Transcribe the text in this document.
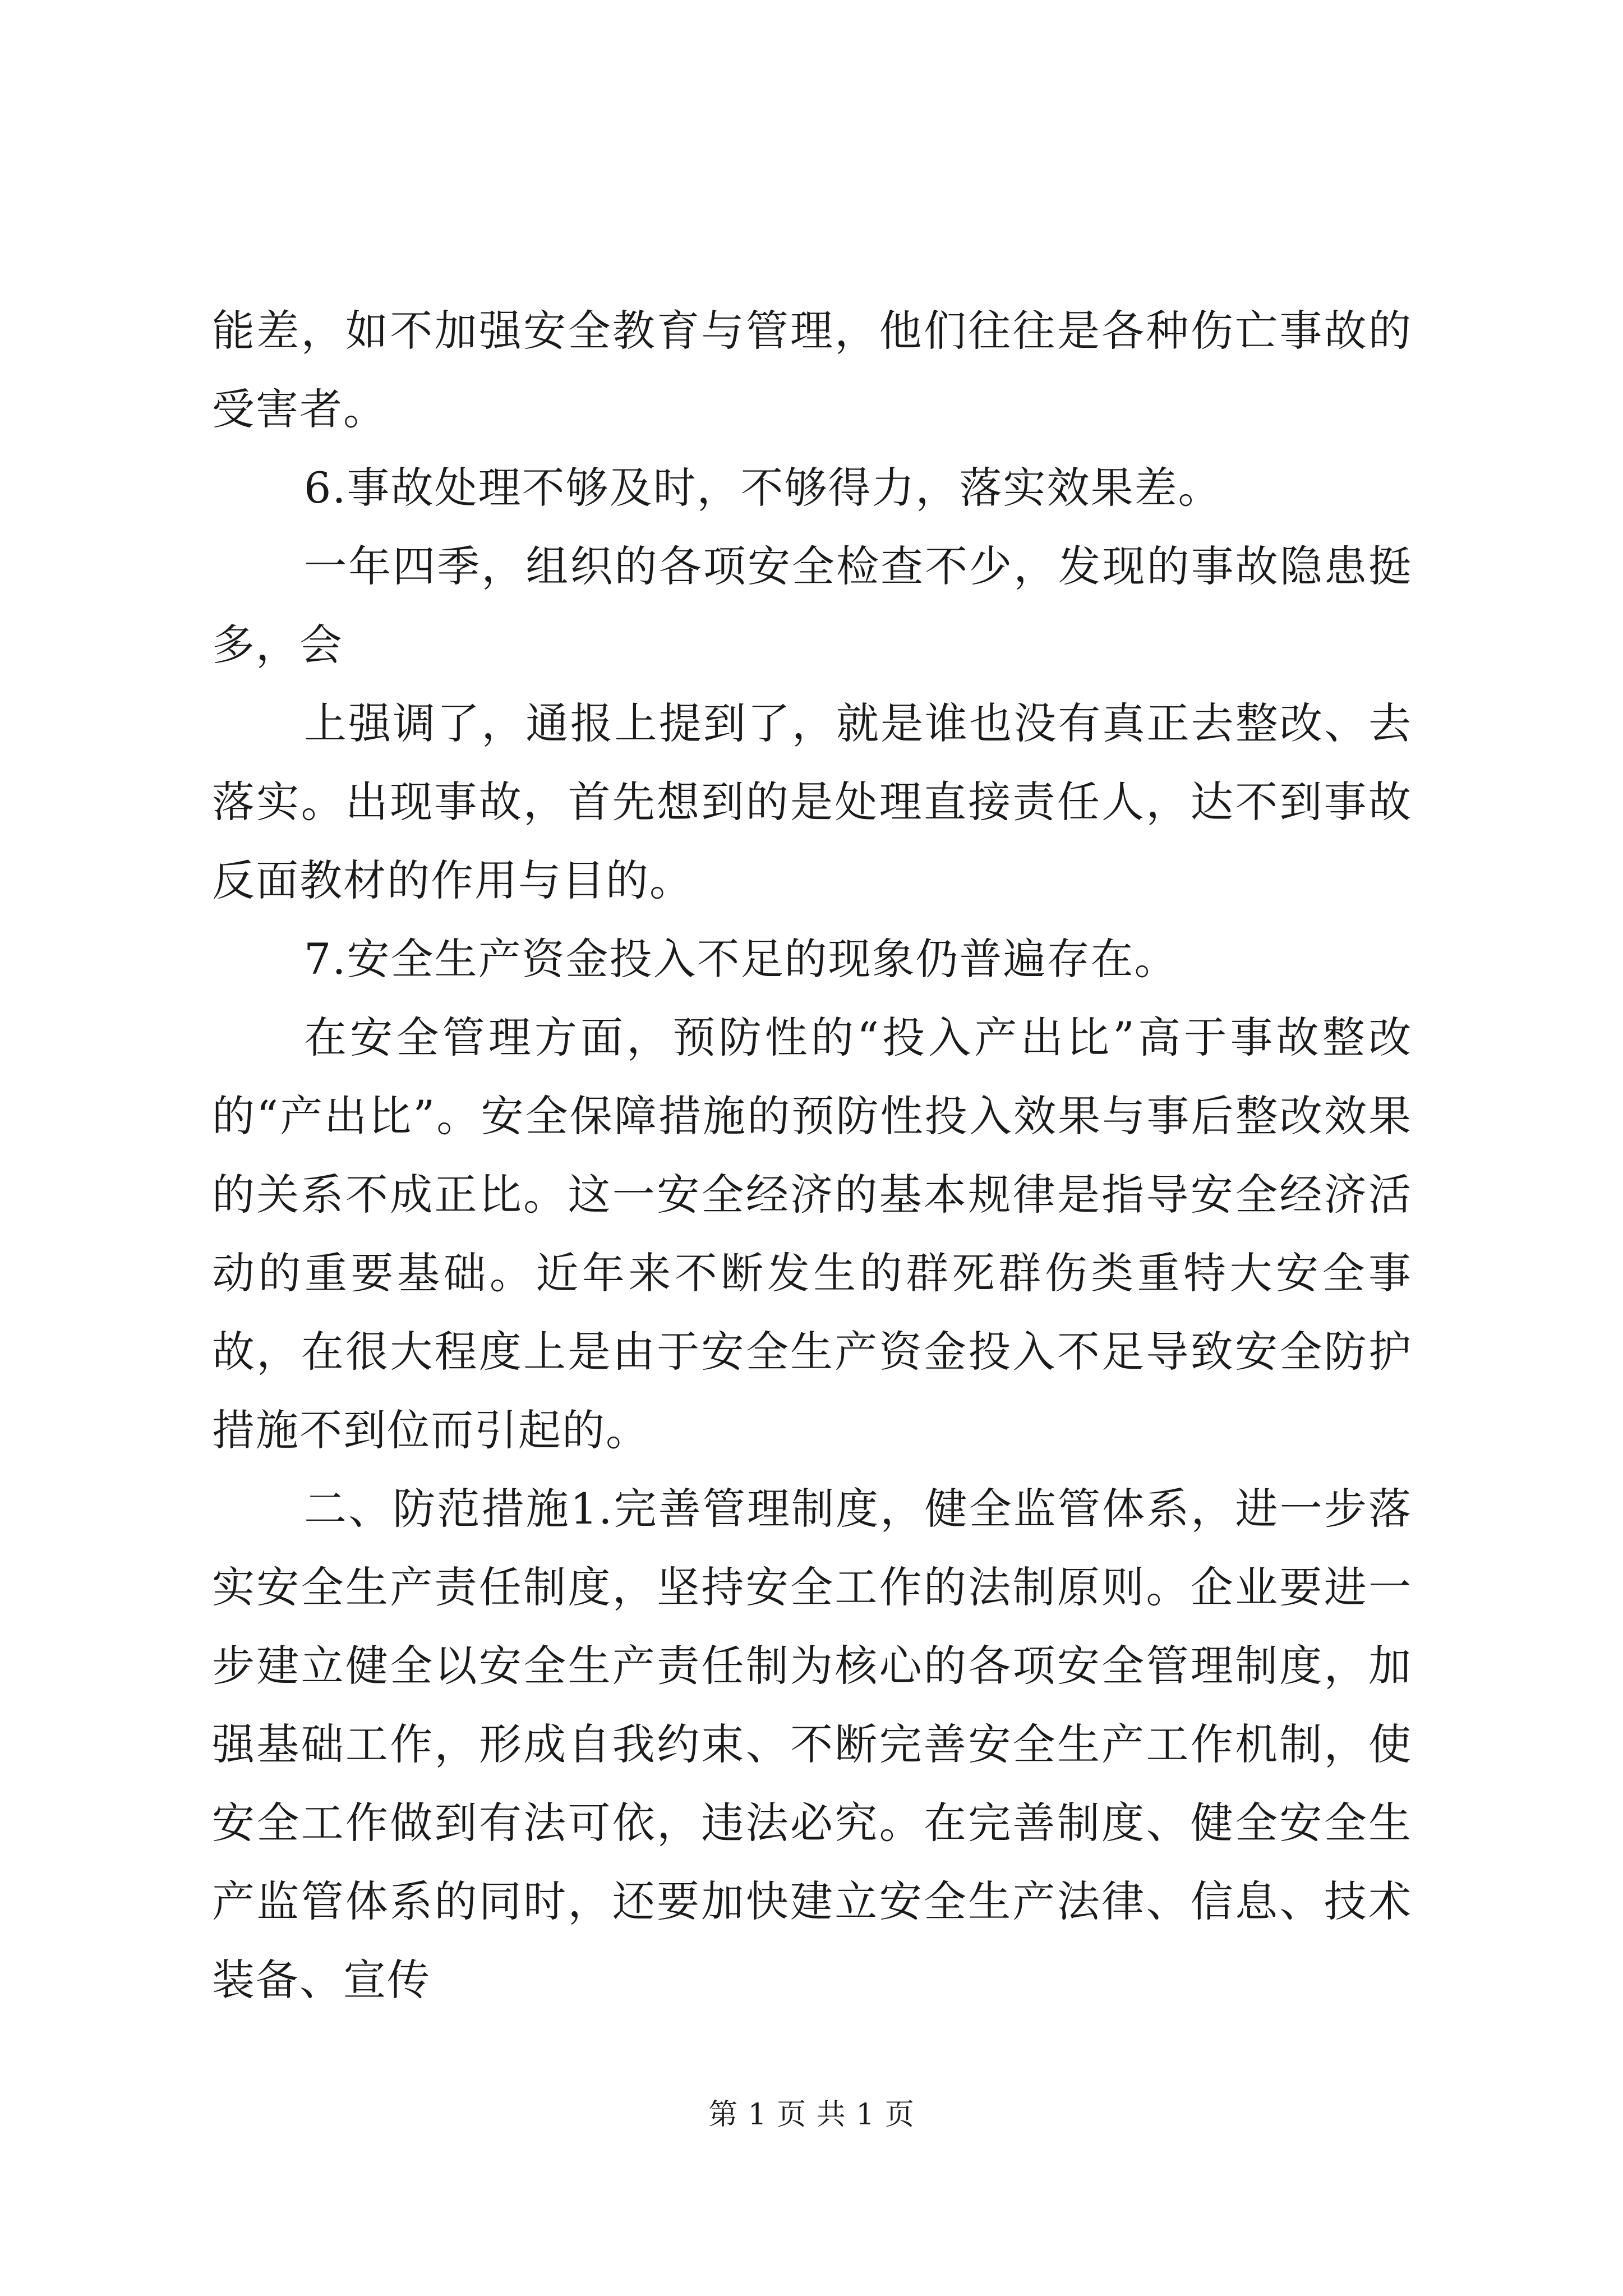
能差，如不加强安全教育与管理，他们往往是各种伤亡事故的受害者。

6.事故处理不够及时，不够得力，落实效果差。

一年四季，组织的各项安全检查不少，发现的事故隐患挺多，会

上强调了，通报上提到了，就是谁也没有真正去整改、去落实。出现事故，首先想到的是处理直接责任人，达不到事故反面教材的作用与目的。

7.安全生产资金投入不足的现象仍普遍存在。

在安全管理方面，预防性的“投入产出比”高于事故整改的“产出比”。安全保障措施的预防性投入效果与事后整改效果的关系不成正比。这一安全经济的基本规律是指导安全经济活动的重要基础。近年来不断发生的群死群伤类重特大安全事故，在很大程度上是由于安全生产资金投入不足导致安全防护措施不到位而引起的。

二、防范措施1.完善管理制度，健全监管体系，进一步落实安全生产责任制度，坚持安全工作的法制原则。企业要进一步建立健全以安全生产责任制为核心的各项安全管理制度，加强基础工作，形成自我约束、不断完善安全生产工作机制，使安全工作做到有法可依，违法必究。在完善制度、健全安全生产监管体系的同时，还要加快建立安全生产法律、信息、技术装备、宣传

第 1 页 共 1 页
